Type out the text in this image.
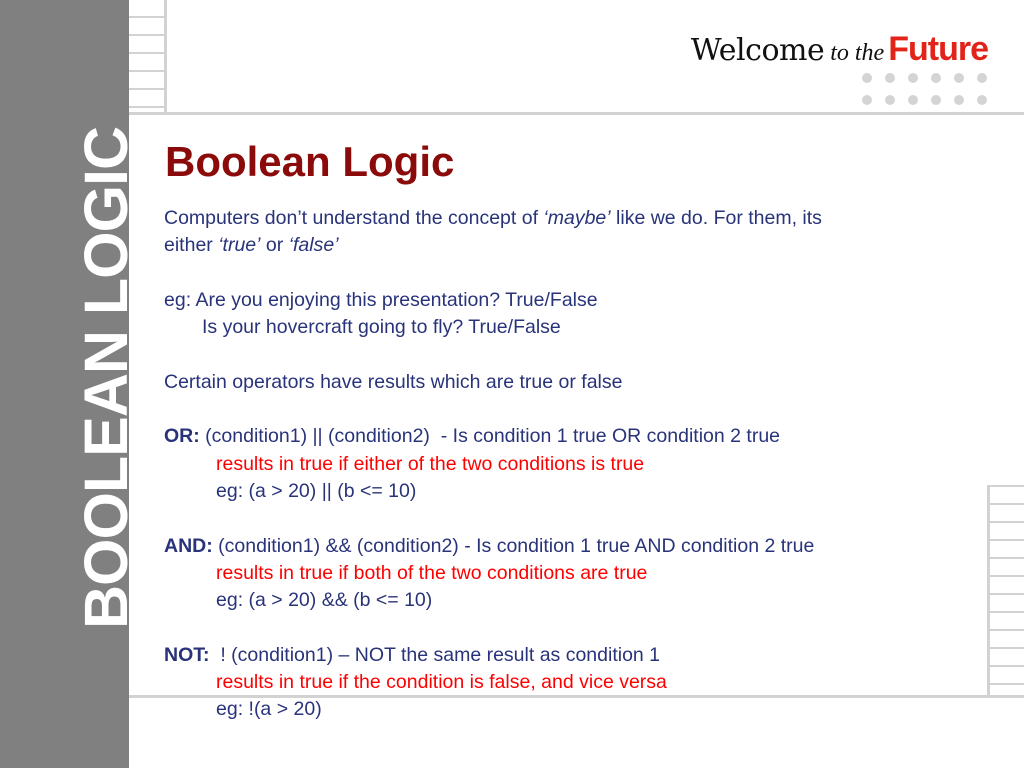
BOOLEAN LOGIC
Welcome to the Future
Boolean Logic

Computers don’t understand the concept of ‘maybe’ like we do. For them, its

either ‘true’ or ‘false’

eg: Are you enjoying this presentation? True/False

Is your hovercraft going to fly? True/False

Certain operators have results which are true or false

OR: (condition1) || (condition2)  - Is condition 1 true OR condition 2 true

results in true if either of the two conditions is true

eg: (a > 20) || (b <= 10)

AND: (condition1) && (condition2) - Is condition 1 true AND condition 2 true

results in true if both of the two conditions are true

eg: (a > 20) && (b <= 10)

NOT:  ! (condition1) – NOT the same result as condition 1

results in true if the condition is false, and vice versa

eg: !(a > 20)
